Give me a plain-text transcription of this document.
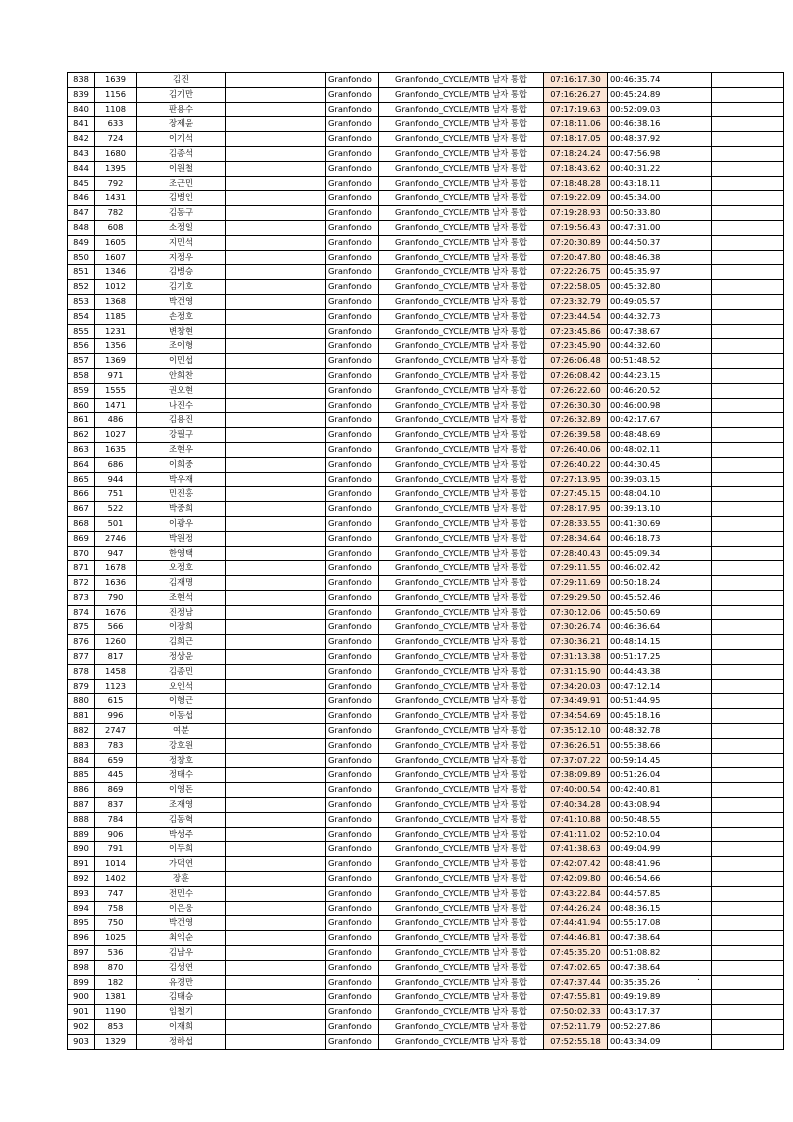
838	1639	김진		Granfondo	Granfondo_CYCLE/MTB 남자 통합	07:16:17.30	00:46:35.74	
839	1156	김기만		Granfondo	Granfondo_CYCLE/MTB 남자 통합	07:16:26.27	00:45:24.89	
840	1108	판용수		Granfondo	Granfondo_CYCLE/MTB 남자 통합	07:17:19.63	00:52:09.03	
841	633	장제윤		Granfondo	Granfondo_CYCLE/MTB 남자 통합	07:18:11.06	00:46:38.16	
842	724	이기석		Granfondo	Granfondo_CYCLE/MTB 남자 통합	07:18:17.05	00:48:37.92	
843	1680	김종석		Granfondo	Granfondo_CYCLE/MTB 남자 통합	07:18:24.24	00:47:56.98	
844	1395	이원철		Granfondo	Granfondo_CYCLE/MTB 남자 통합	07:18:43.62	00:40:31.22	
845	792	조근민		Granfondo	Granfondo_CYCLE/MTB 남자 통합	07:18:48.28	00:43:18.11	
846	1431	김병인		Granfondo	Granfondo_CYCLE/MTB 남자 통합	07:19:22.09	00:45:34.00	
847	782	김동구		Granfondo	Granfondo_CYCLE/MTB 남자 통합	07:19:28.93	00:50:33.80	
848	608	소정일		Granfondo	Granfondo_CYCLE/MTB 남자 통합	07:19:56.43	00:47:31.00	
849	1605	지민석		Granfondo	Granfondo_CYCLE/MTB 남자 통합	07:20:30.89	00:44:50.37	
850	1607	지정우		Granfondo	Granfondo_CYCLE/MTB 남자 통합	07:20:47.80	00:48:46.38	
851	1346	김병승		Granfondo	Granfondo_CYCLE/MTB 남자 통합	07:22:26.75	00:45:35.97	
852	1012	김기호		Granfondo	Granfondo_CYCLE/MTB 남자 통합	07:22:58.05	00:45:32.80	
853	1368	박건영		Granfondo	Granfondo_CYCLE/MTB 남자 통합	07:23:32.79	00:49:05.57	
854	1185	손정호		Granfondo	Granfondo_CYCLE/MTB 남자 통합	07:23:44.54	00:44:32.73	
855	1231	변창현		Granfondo	Granfondo_CYCLE/MTB 남자 통합	07:23:45.86	00:47:38.67	
856	1356	조이형		Granfondo	Granfondo_CYCLE/MTB 남자 통합	07:23:45.90	00:44:32.60	
857	1369	이민섭		Granfondo	Granfondo_CYCLE/MTB 남자 통합	07:26:06.48	00:51:48.52	
858	971	안희찬		Granfondo	Granfondo_CYCLE/MTB 남자 통합	07:26:08.42	00:44:23.15	
859	1555	권오현		Granfondo	Granfondo_CYCLE/MTB 남자 통합	07:26:22.60	00:46:20.52	
860	1471	나진수		Granfondo	Granfondo_CYCLE/MTB 남자 통합	07:26:30.30	00:46:00.98	
861	486	김용진		Granfondo	Granfondo_CYCLE/MTB 남자 통합	07:26:32.89	00:42:17.67	
862	1027	강필구		Granfondo	Granfondo_CYCLE/MTB 남자 통합	07:26:39.58	00:48:48.69	
863	1635	조현우		Granfondo	Granfondo_CYCLE/MTB 남자 통합	07:26:40.06	00:48:02.11	
864	686	이희중		Granfondo	Granfondo_CYCLE/MTB 남자 통합	07:26:40.22	00:44:30.45	
865	944	박우재		Granfondo	Granfondo_CYCLE/MTB 남자 통합	07:27:13.95	00:39:03.15	
866	751	민진홍		Granfondo	Granfondo_CYCLE/MTB 남자 통합	07:27:45.15	00:48:04.10	
867	522	박중희		Granfondo	Granfondo_CYCLE/MTB 남자 통합	07:28:17.95	00:39:13.10	
868	501	이광우		Granfondo	Granfondo_CYCLE/MTB 남자 통합	07:28:33.55	00:41:30.69	
869	2746	박원정		Granfondo	Granfondo_CYCLE/MTB 남자 통합	07:28:34.64	00:46:18.73	
870	947	한영택		Granfondo	Granfondo_CYCLE/MTB 남자 통합	07:28:40.43	00:45:09.34	
871	1678	오정호		Granfondo	Granfondo_CYCLE/MTB 남자 통합	07:29:11.55	00:46:02.42	
872	1636	김재명		Granfondo	Granfondo_CYCLE/MTB 남자 통합	07:29:11.69	00:50:18.24	
873	790	조현석		Granfondo	Granfondo_CYCLE/MTB 남자 통합	07:29:29.50	00:45:52.46	
874	1676	진정남		Granfondo	Granfondo_CYCLE/MTB 남자 통합	07:30:12.06	00:45:50.69	
875	566	이장희		Granfondo	Granfondo_CYCLE/MTB 남자 통합	07:30:26.74	00:46:36.64	
876	1260	김희근		Granfondo	Granfondo_CYCLE/MTB 남자 통합	07:30:36.21	00:48:14.15	
877	817	정상운		Granfondo	Granfondo_CYCLE/MTB 남자 통합	07:31:13.38	00:51:17.25	
878	1458	김종민		Granfondo	Granfondo_CYCLE/MTB 남자 통합	07:31:15.90	00:44:43.38	
879	1123	오인석		Granfondo	Granfondo_CYCLE/MTB 남자 통합	07:34:20.03	00:47:12.14	
880	615	이형근		Granfondo	Granfondo_CYCLE/MTB 남자 통합	07:34:49.91	00:51:44.95	
881	996	이동섭		Granfondo	Granfondo_CYCLE/MTB 남자 통합	07:34:54.69	00:45:18.16	
882	2747	여분		Granfondo	Granfondo_CYCLE/MTB 남자 통합	07:35:12.10	00:48:32.78	
883	783	강호원		Granfondo	Granfondo_CYCLE/MTB 남자 통합	07:36:26.51	00:55:38.66	
884	659	정창호		Granfondo	Granfondo_CYCLE/MTB 남자 통합	07:37:07.22	00:59:14.45	
885	445	정태수		Granfondo	Granfondo_CYCLE/MTB 남자 통합	07:38:09.89	00:51:26.04	
886	869	이영돈		Granfondo	Granfondo_CYCLE/MTB 남자 통합	07:40:00.54	00:42:40.81	
887	837	조재영		Granfondo	Granfondo_CYCLE/MTB 남자 통합	07:40:34.28	00:43:08.94	
888	784	김동혁		Granfondo	Granfondo_CYCLE/MTB 남자 통합	07:41:10.88	00:50:48.55	
889	906	박성주		Granfondo	Granfondo_CYCLE/MTB 남자 통합	07:41:11.02	00:52:10.04	
890	791	이두희		Granfondo	Granfondo_CYCLE/MTB 남자 통합	07:41:38.63	00:49:04.99	
891	1014	가덕연		Granfondo	Granfondo_CYCLE/MTB 남자 통합	07:42:07.42	00:48:41.96	
892	1402	장훈		Granfondo	Granfondo_CYCLE/MTB 남자 통합	07:42:09.80	00:46:54.66	
893	747	전민수		Granfondo	Granfondo_CYCLE/MTB 남자 통합	07:43:22.84	00:44:57.85	
894	758	이은웅		Granfondo	Granfondo_CYCLE/MTB 남자 통합	07:44:26.24	00:48:36.15	
895	750	박건영		Granfondo	Granfondo_CYCLE/MTB 남자 통합	07:44:41.94	00:55:17.08	
896	1025	최익순		Granfondo	Granfondo_CYCLE/MTB 남자 통합	07:44:46.81	00:47:38.64	
897	536	김남우		Granfondo	Granfondo_CYCLE/MTB 남자 통합	07:45:35.20	00:51:08.82	
898	870	김성연		Granfondo	Granfondo_CYCLE/MTB 남자 통합	07:47:02.65	00:47:38.64	
899	182	유경만		Granfondo	Granfondo_CYCLE/MTB 남자 통합	07:47:37.44	00:35:35.26	
900	1381	김태승		Granfondo	Granfondo_CYCLE/MTB 남자 통합	07:47:55.81	00:49:19.89	
901	1190	임철기		Granfondo	Granfondo_CYCLE/MTB 남자 통합	07:50:02.33	00:43:17.37	
902	853	이재희		Granfondo	Granfondo_CYCLE/MTB 남자 통합	07:52:11.79	00:52:27.86	
903	1329	정하섭		Granfondo	Granfondo_CYCLE/MTB 남자 통합	07:52:55.18	00:43:34.09	
.
